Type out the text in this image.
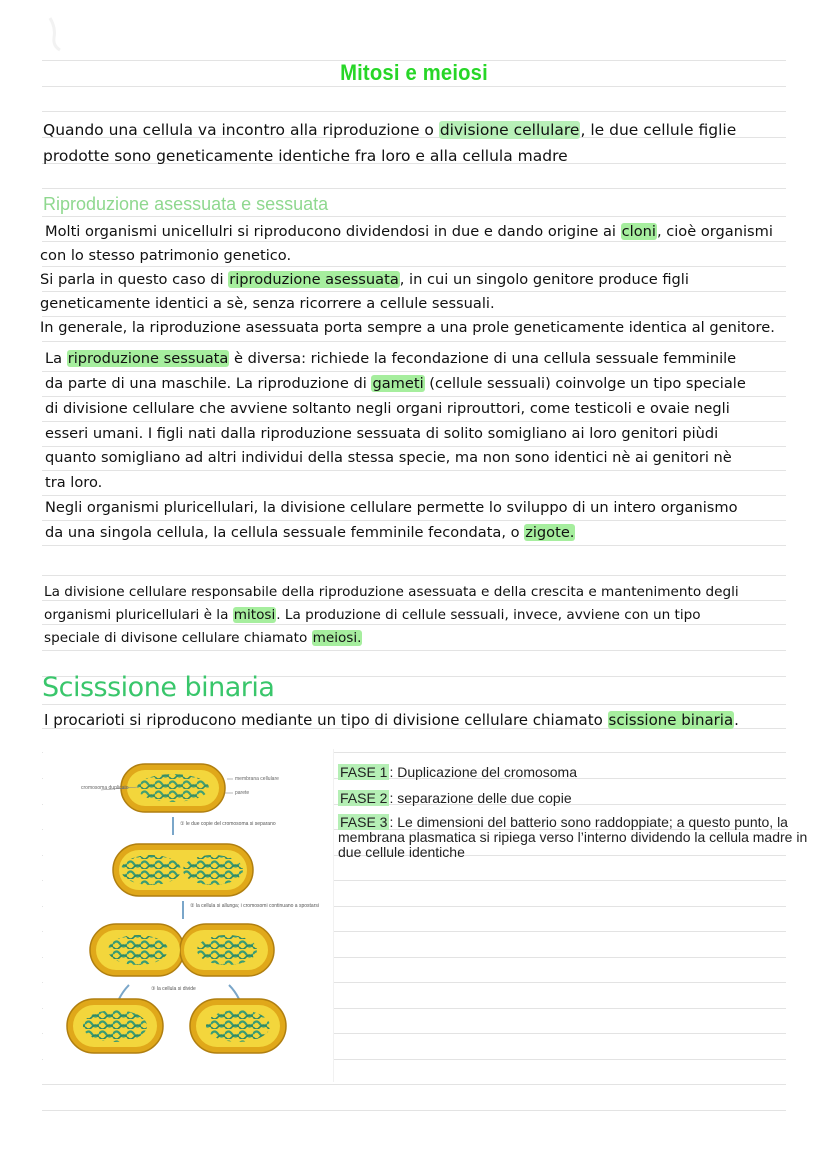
Mitosi e meiosi
Quando una cellula va incontro alla riproduzione o divisione cellulare, le due cellule figlie
prodotte sono geneticamente identiche fra loro e alla cellula madre
Riproduzione asessuata e sessuata
Molti organismi unicellulri si riproducono dividendosi in due e dando origine ai cloni, cioè organismi
con lo stesso patrimonio genetico.
Si parla in questo caso di riproduzione asessuata, in cui un singolo genitore produce figli
geneticamente identici a sè, senza ricorrere a cellule sessuali.
In generale, la riproduzione asessuata porta sempre a una prole geneticamente identica al genitore.
La riproduzione sessuata è diversa: richiede la fecondazione di una cellula sessuale femminile
da parte di una maschile. La riproduzione di gameti (cellule sessuali) coinvolge un tipo speciale
di divisione cellulare che avviene soltanto negli organi riprouttori, come testicoli e ovaie negli
esseri umani. I figli nati dalla riproduzione sessuata di solito somigliano ai loro genitori piùdi
quanto somigliano ad altri individui della stessa specie, ma non sono identici nè ai genitori nè
tra loro.
Negli organismi pluricellulari, la divisione cellulare permette lo sviluppo di un intero organismo
da una singola cellula, la cellula sessuale femminile fecondata, o zigote.
La divisione cellulare responsabile della riproduzione asessuata e della crescita e mantenimento degli
organismi pluricellulari è la mitosi. La produzione di cellule sessuali, invece, avviene con un tipo
speciale di divisone cellulare chiamato meiosi.
Scisssione binaria
I procarioti si riproducono mediante un tipo di divisione cellulare chiamato scissione binaria.
cromosoma duplicato
membrana cellulare
parete
① le due copie del cromosoma si separano
② la cellula si allunga; i cromosomi continuano a spostarsi
③ la cellula si divide
FASE 1 : Duplicazione del cromosoma
FASE 2 : separazione delle due copie
FASE 3 : Le dimensioni del batterio sono raddoppiate; a questo punto, la membrana plasmatica si ripiega verso l’interno dividendo la cellula madre in due cellule identiche
